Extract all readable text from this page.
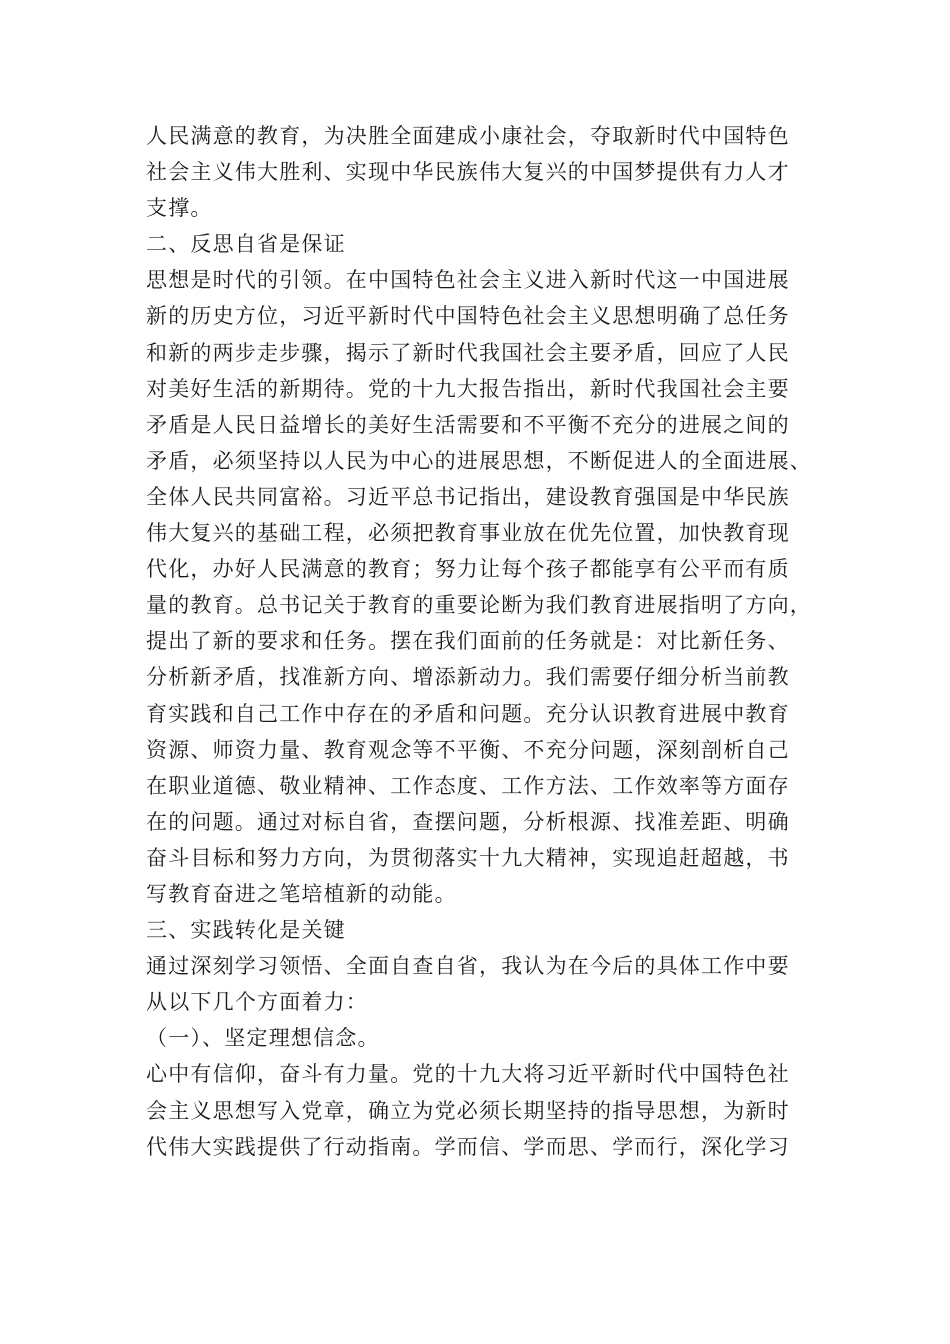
人民满意的教育，为决胜全面建成小康社会，夺取新时代中国特色
社会主义伟大胜利、实现中华民族伟大复兴的中国梦提供有力人才
支撑。
二、反思自省是保证
思想是时代的引领。在中国特色社会主义进入新时代这一中国进展
新的历史方位，习近平新时代中国特色社会主义思想明确了总任务
和新的两步走步骤，揭示了新时代我国社会主要矛盾，回应了人民
对美好生活的新期待。党的十九大报告指出，新时代我国社会主要
矛盾是人民日益增长的美好生活需要和不平衡不充分的进展之间的
矛盾，必须坚持以人民为中心的进展思想，不断促进人的全面进展、
全体人民共同富裕。习近平总书记指出，建设教育强国是中华民族
伟大复兴的基础工程，必须把教育事业放在优先位置，加快教育现
代化，办好人民满意的教育；努力让每个孩子都能享有公平而有质
量的教育。总书记关于教育的重要论断为我们教育进展指明了方向，
提出了新的要求和任务。摆在我们面前的任务就是：对比新任务、
分析新矛盾，找准新方向、增添新动力。我们需要仔细分析当前教
育实践和自己工作中存在的矛盾和问题。充分认识教育进展中教育
资源、师资力量、教育观念等不平衡、不充分问题，深刻剖析自己
在职业道德、敬业精神、工作态度、工作方法、工作效率等方面存
在的问题。通过对标自省，查摆问题，分析根源、找准差距、明确
奋斗目标和努力方向，为贯彻落实十九大精神，实现追赶超越，书
写教育奋进之笔培植新的动能。
三、实践转化是关键
通过深刻学习领悟、全面自查自省，我认为在今后的具体工作中要
从以下几个方面着力：
（一）、坚定理想信念。
心中有信仰，奋斗有力量。党的十九大将习近平新时代中国特色社
会主义思想写入党章，确立为党必须长期坚持的指导思想，为新时
代伟大实践提供了行动指南。学而信、学而思、学而行，深化学习
